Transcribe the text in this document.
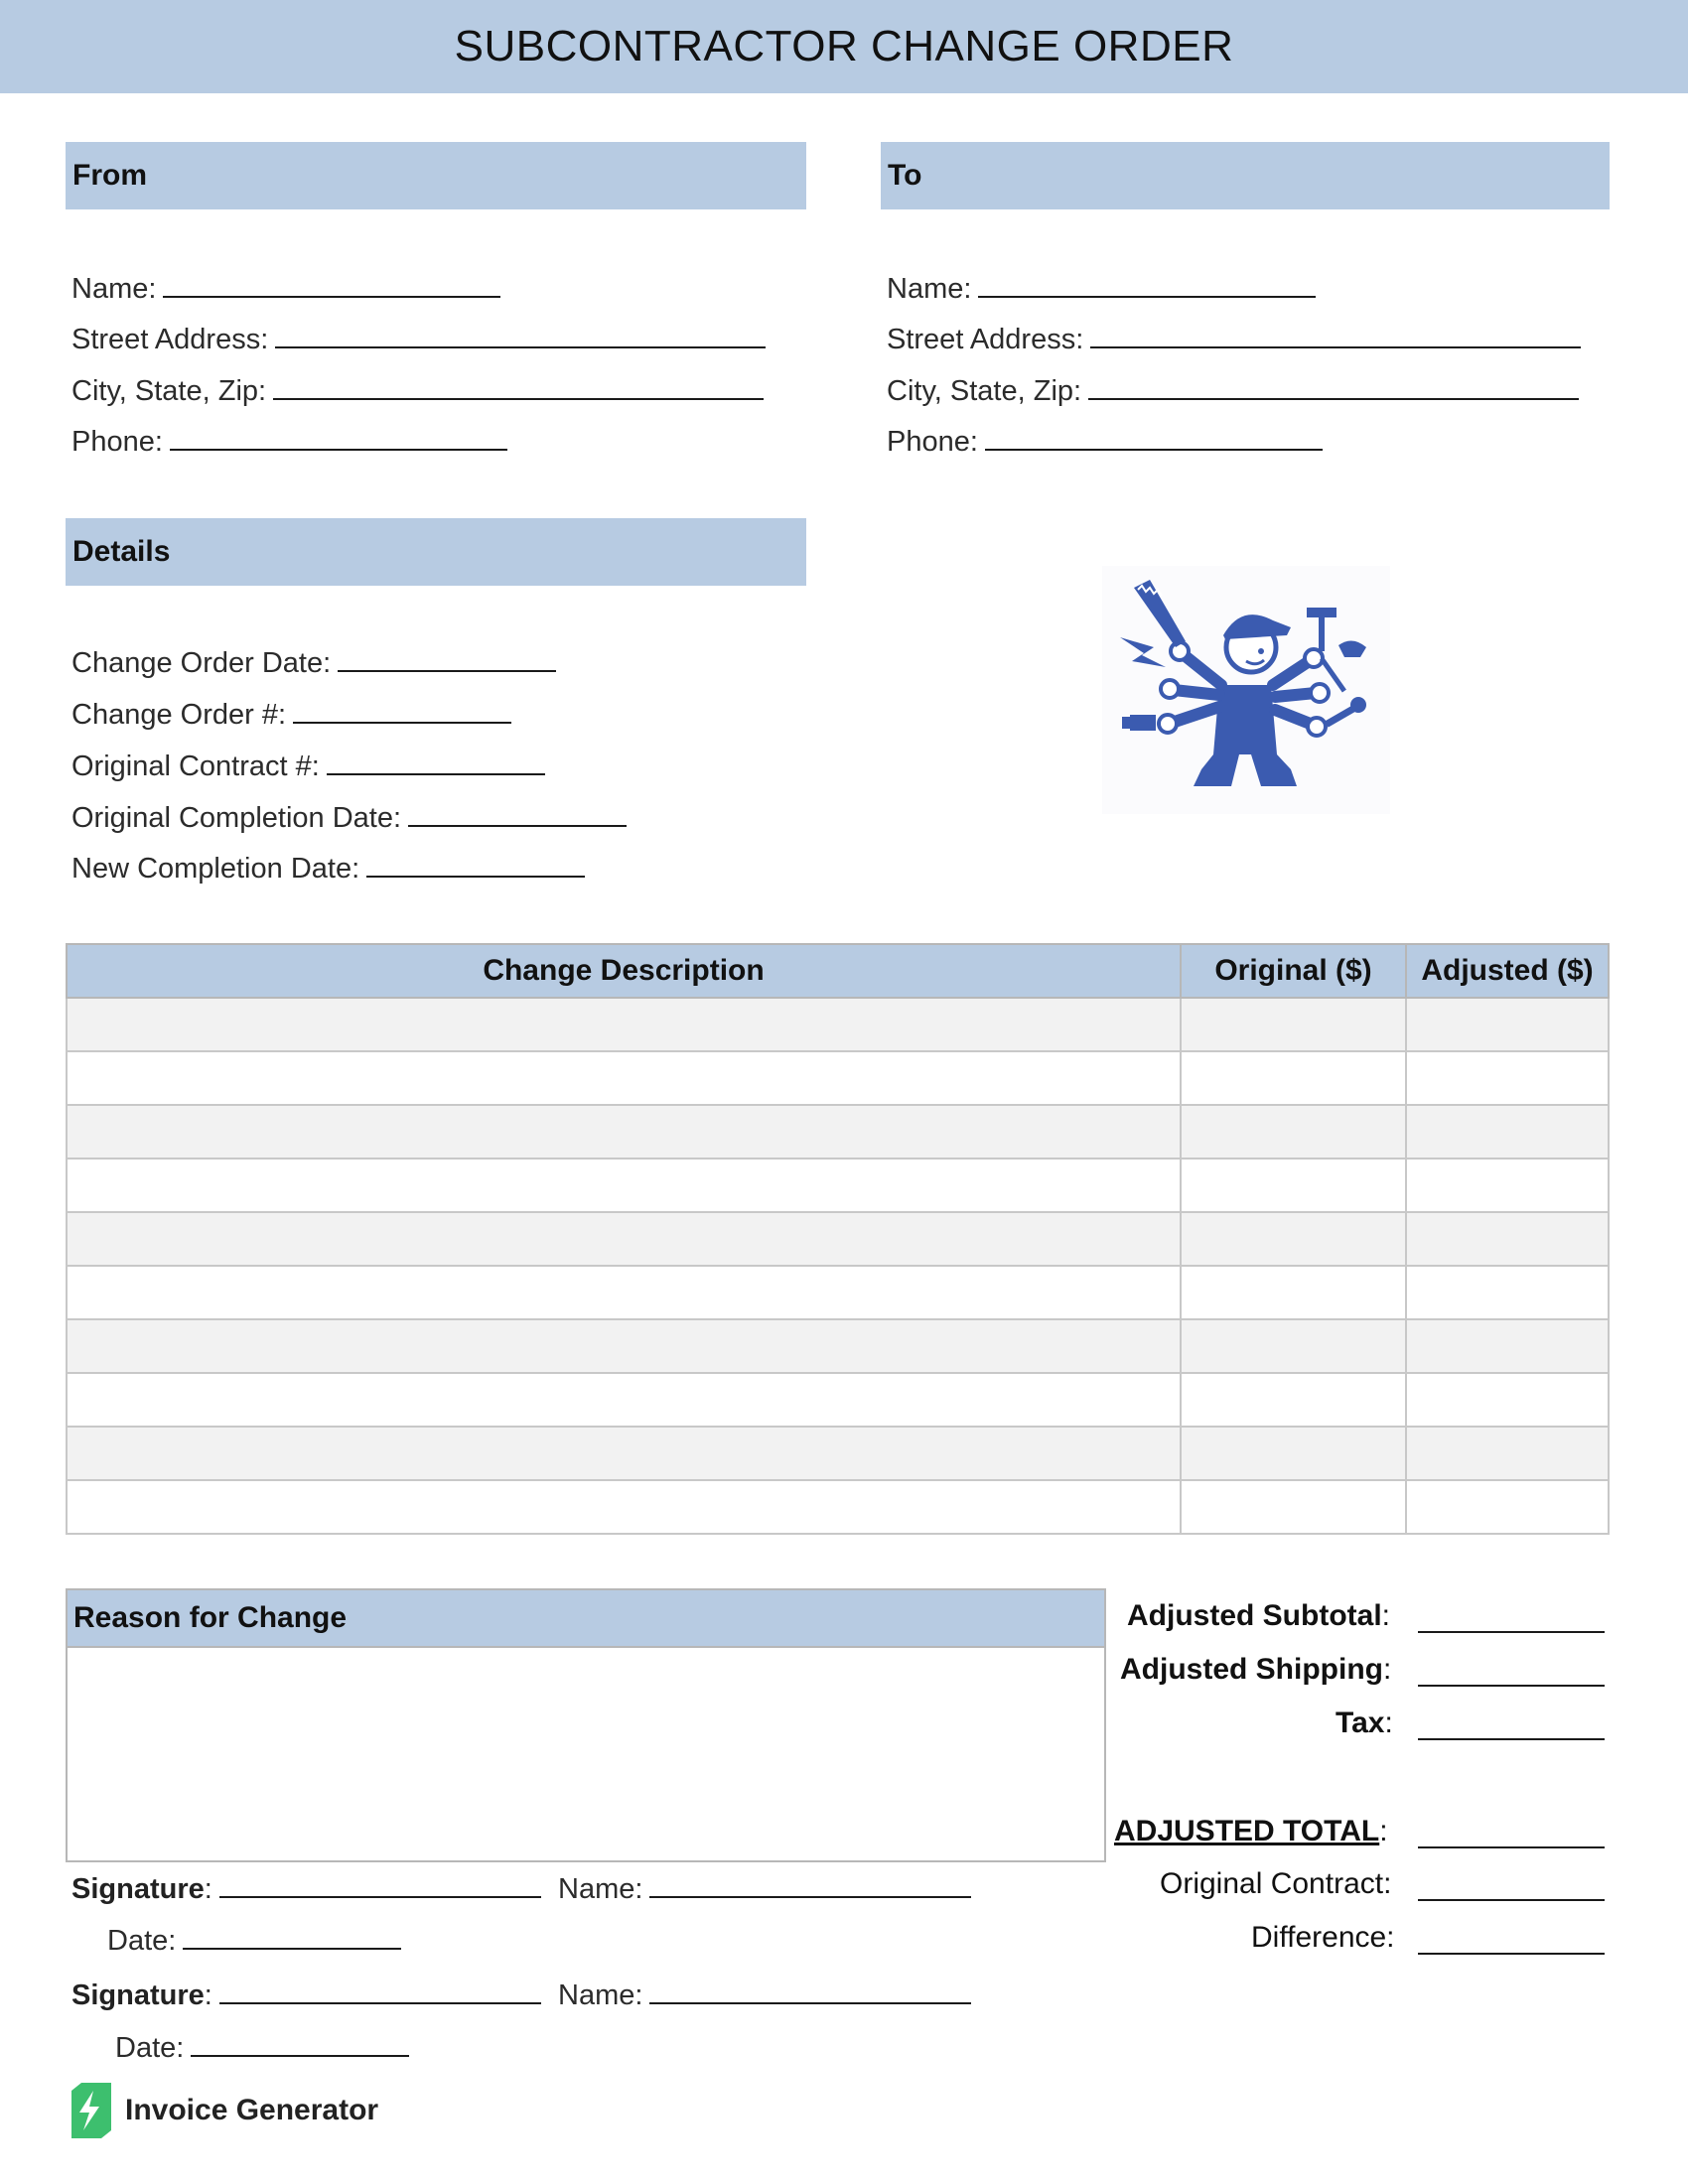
SUBCONTRACTOR CHANGE ORDER
From	To
Name:
Street Address:
City, State, Zip:
Phone:
Name:
Street Address:
City, State, Zip:
Phone:
Details
Change Order Date:
Change Order #:
Original Contract #:
Original Completion Date:
New Completion Date:
Change Description	Original ($)	Adjusted ($)

Reason for Change	Adjusted Subtotal:
Adjusted Shipping:
Tax:
ADJUSTED TOTAL:
Original Contract:
Difference:
Signature:	Name:
Date:
Signature:	Name:
Date:
Invoice Generator
